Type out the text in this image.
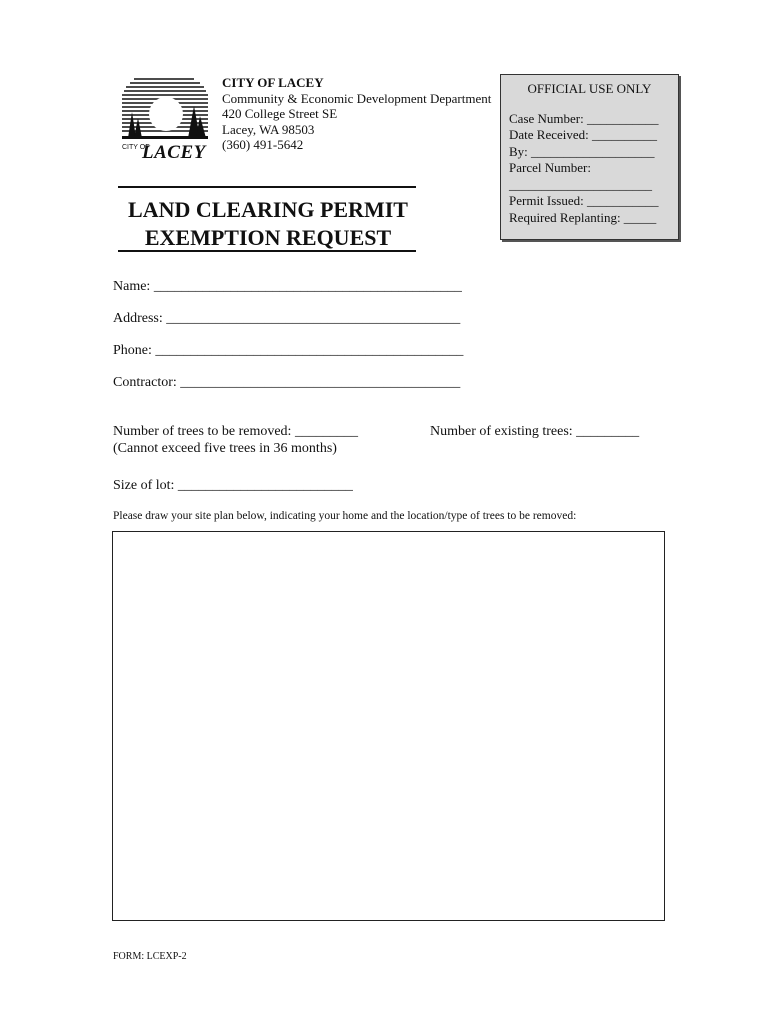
CITY OF
LACEY
CITY OF LACEY
Community & Economic Development Department
420 College Street SE
Lacey, WA 98503
(360) 491-5642
OFFICIAL USE ONLY
Case Number: ___________
Date Received: __________
By: ___________________
Parcel Number:
______________________
Permit Issued: ___________
Required Replanting: _____
LAND CLEARING PERMIT
EXEMPTION REQUEST
Name: ____________________________________________
Address: __________________________________________
Phone: ____________________________________________
Contractor: ________________________________________
Number of trees to be removed: _________
(Cannot exceed five trees in 36 months)
Number of existing trees: _________
Size of lot: _________________________
Please draw your site plan below, indicating your home and the location/type of trees to be removed:
FORM: LCEXP-2
